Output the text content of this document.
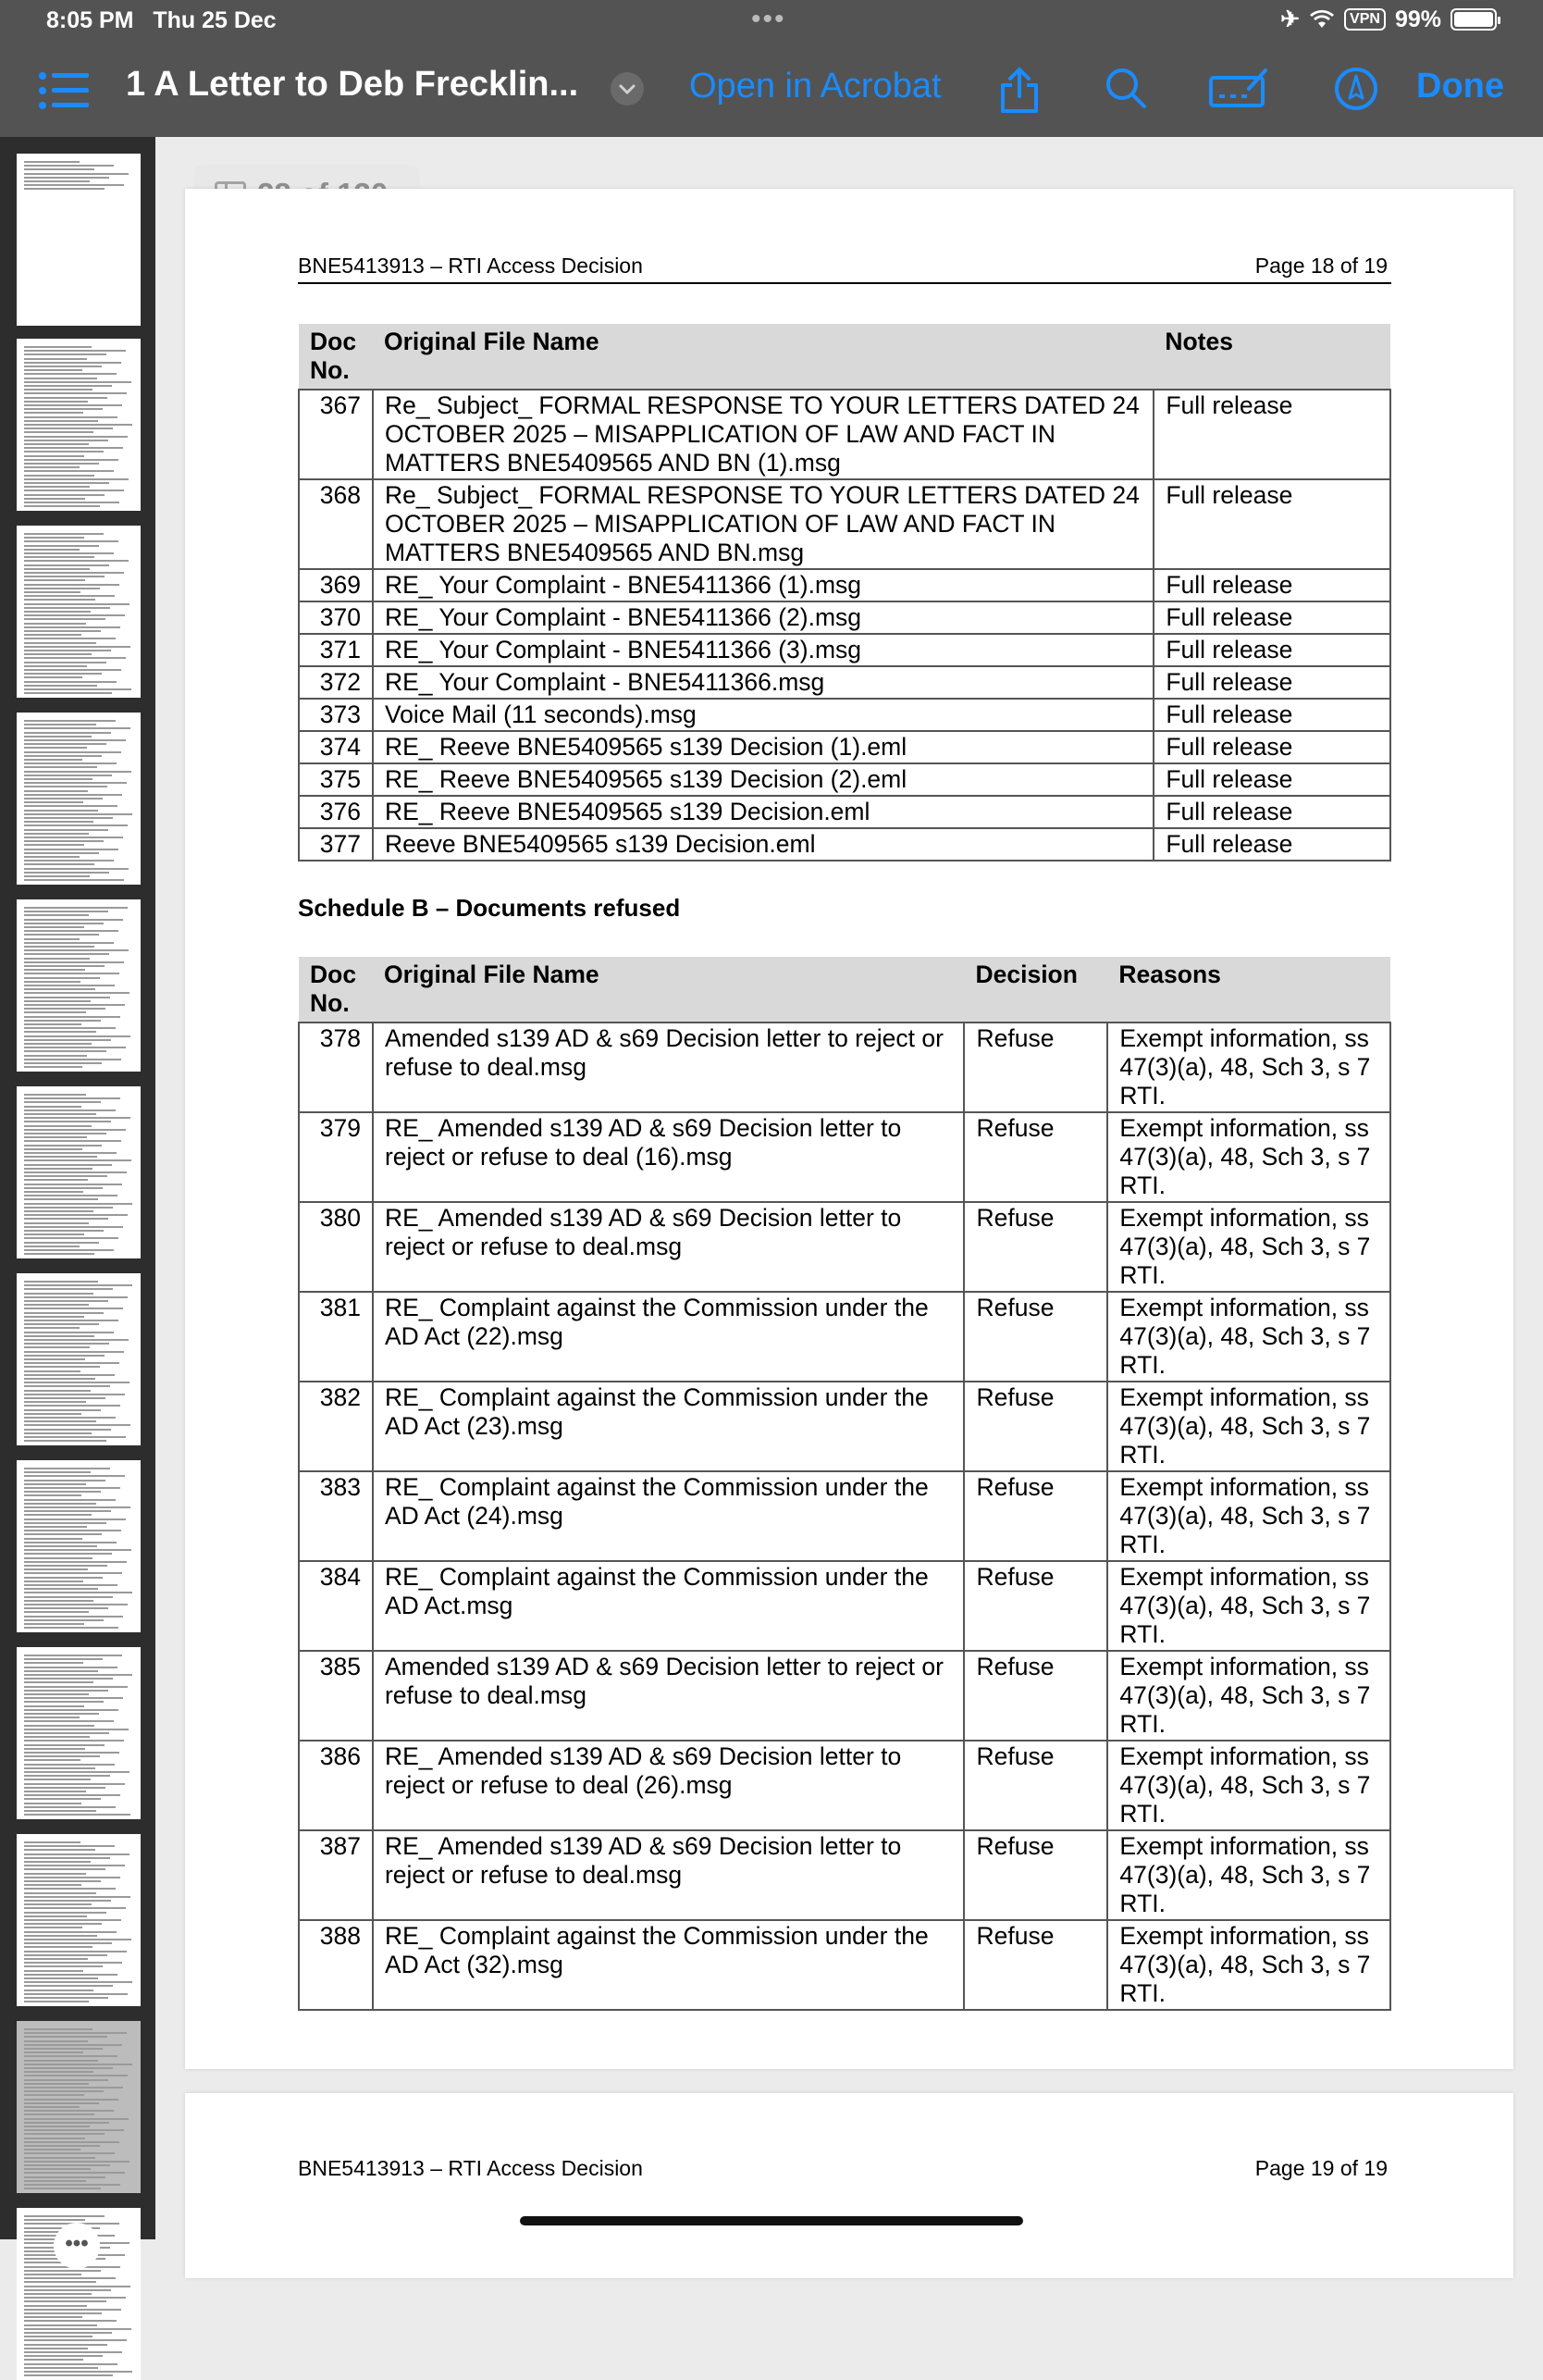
8:05 PM Thu 25 Dec	•••	✈	VPN 99%
1 A Letter to Deb Frecklin...	Open in Acrobat	Done
•••
BNE5413913 – RTI Access Decision	Page 18 of 19
Doc No.	Original File Name	Notes
367	Re_ Subject_ FORMAL RESPONSE TO YOUR LETTERS DATED 24 OCTOBER 2025 – MISAPPLICATION OF LAW AND FACT IN MATTERS BNE5409565 AND BN (1).msg	Full release
368	Re_ Subject_ FORMAL RESPONSE TO YOUR LETTERS DATED 24 OCTOBER 2025 – MISAPPLICATION OF LAW AND FACT IN MATTERS BNE5409565 AND BN.msg	Full release
369	RE_ Your Complaint - BNE5411366 (1).msg	Full release
370	RE_ Your Complaint - BNE5411366 (2).msg	Full release
371	RE_ Your Complaint - BNE5411366 (3).msg	Full release
372	RE_ Your Complaint - BNE5411366.msg	Full release
373	Voice Mail (11 seconds).msg	Full release
374	RE_ Reeve BNE5409565 s139 Decision (1).eml	Full release
375	RE_ Reeve BNE5409565 s139 Decision (2).eml	Full release
376	RE_ Reeve BNE5409565 s139 Decision.eml	Full release
377	Reeve BNE5409565 s139 Decision.eml	Full release
Schedule B – Documents refused
Doc No.	Original File Name	Decision	Reasons
378	Amended s139 AD & s69 Decision letter to reject or refuse to deal.msg	Refuse	Exempt information, ss 47(3)(a), 48, Sch 3, s 7 RTI.
379	RE_ Amended s139 AD & s69 Decision letter to reject or refuse to deal (16).msg	Refuse	Exempt information, ss 47(3)(a), 48, Sch 3, s 7 RTI.
380	RE_ Amended s139 AD & s69 Decision letter to reject or refuse to deal.msg	Refuse	Exempt information, ss 47(3)(a), 48, Sch 3, s 7 RTI.
381	RE_ Complaint against the Commission under the AD Act (22).msg	Refuse	Exempt information, ss 47(3)(a), 48, Sch 3, s 7 RTI.
382	RE_ Complaint against the Commission under the AD Act (23).msg	Refuse	Exempt information, ss 47(3)(a), 48, Sch 3, s 7 RTI.
383	RE_ Complaint against the Commission under the AD Act (24).msg	Refuse	Exempt information, ss 47(3)(a), 48, Sch 3, s 7 RTI.
384	RE_ Complaint against the Commission under the AD Act.msg	Refuse	Exempt information, ss 47(3)(a), 48, Sch 3, s 7 RTI.
385	Amended s139 AD & s69 Decision letter to reject or refuse to deal.msg	Refuse	Exempt information, ss 47(3)(a), 48, Sch 3, s 7 RTI.
386	RE_ Amended s139 AD & s69 Decision letter to reject or refuse to deal (26).msg	Refuse	Exempt information, ss 47(3)(a), 48, Sch 3, s 7 RTI.
387	RE_ Amended s139 AD & s69 Decision letter to reject or refuse to deal.msg	Refuse	Exempt information, ss 47(3)(a), 48, Sch 3, s 7 RTI.
388	RE_ Complaint against the Commission under the AD Act (32).msg	Refuse	Exempt information, ss 47(3)(a), 48, Sch 3, s 7 RTI.
BNE5413913 – RTI Access Decision	Page 19 of 19
